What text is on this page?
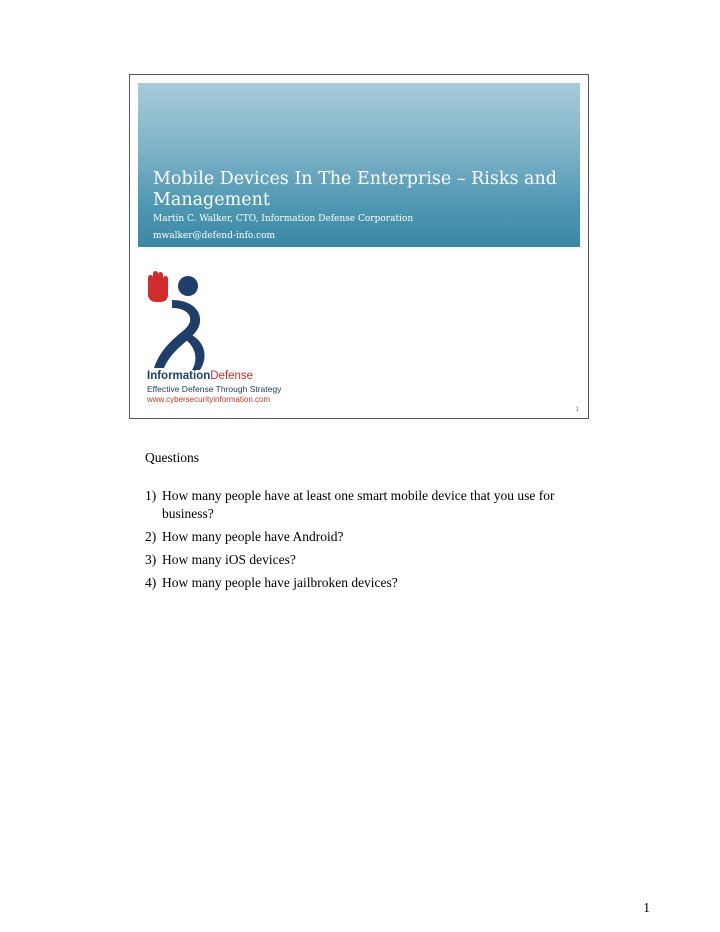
Mobile Devices In The Enterprise – Risks and Management
Martin C. Walker, CTO, Information Defense Corporation
mwalker@defend-info.com
InformationDefense
Effective Defense Through Strategy
www.cybersecurityinformation.com
1
Questions
1) How many people have at least one smart mobile device that you use for business?
2) How many people have Android?
3) How many iOS devices?
4) How many people have jailbroken devices?
1
